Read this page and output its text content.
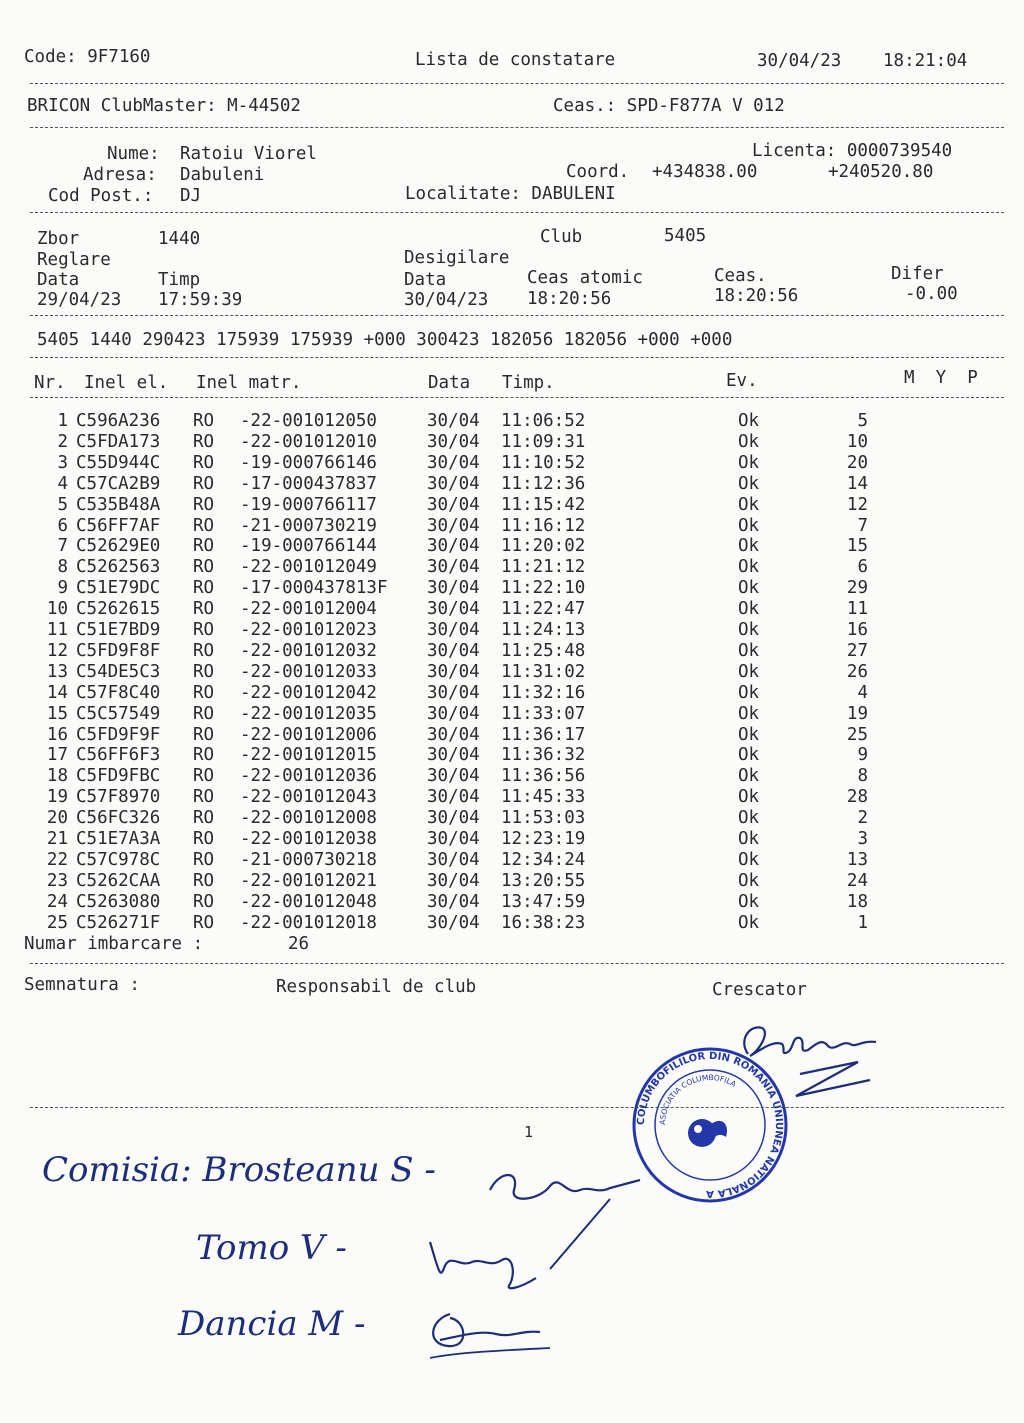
Code: 9F7160	Lista de constatare	30/04/23 18:21:04
BRICON ClubMaster: M-44502	Ceas.: SPD-F877A V 012
Nume: Ratoiu Viorel	Licenta: 0000739540
Adresa: Dabuleni	Coord. +434838.00	+240520.80
Cod Post.: DJ	Localitate: DABULENI
Zbor	1440	Club	5405
Reglare	Desigilare
Data	Timp	Data	Ceas atomic	Ceas.	Difer
29/04/23 17:59:39	30/04/23 18:20:56	18:20:56	-0.00
5405 1440 290423 175939 175939 +000 300423 182056 182056 +000 +000
Nr. Inel el. Inel matr.	Data Timp.	Ev.	M  Y  P
1 C596A236 RO -22-001012050	30/04 11:06:52	Ok	5
2 C5FDA173 RO -22-001012010	30/04 11:09:31	Ok	10
3 C55D944C RO -19-000766146	30/04 11:10:52	Ok	20
4 C57CA2B9 RO -17-000437837	30/04 11:12:36	Ok	14
5 C535B48A RO -19-000766117	30/04 11:15:42	Ok	12
6 C56FF7AF RO -21-000730219	30/04 11:16:12	Ok	7
7 C52629E0 RO -19-000766144	30/04 11:20:02	Ok	15
8 C5262563 RO -22-001012049	30/04 11:21:12	Ok	6
9 C51E79DC RO -17-000437813F 30/04 11:22:10	Ok	29
10 C5262615 RO -22-001012004	30/04 11:22:47	Ok	11
11 C51E7BD9 RO -22-001012023	30/04 11:24:13	Ok	16
12 C5FD9F8F RO -22-001012032	30/04 11:25:48	Ok	27
13 C54DE5C3 RO -22-001012033	30/04 11:31:02	Ok	26
14 C57F8C40 RO -22-001012042	30/04 11:32:16	Ok	4
15 C5C57549 RO -22-001012035	30/04 11:33:07	Ok	19
16 C5FD9F9F RO -22-001012006	30/04 11:36:17	Ok	25
17 C56FF6F3 RO -22-001012015	30/04 11:36:32	Ok	9
18 C5FD9FBC RO -22-001012036	30/04 11:36:56	Ok	8
19 C57F8970 RO -22-001012043	30/04 11:45:33	Ok	28
20 C56FC326 RO -22-001012008	30/04 11:53:03	Ok	2
21 C51E7A3A RO -22-001012038	30/04 12:23:19	Ok	3
22 C57C978C RO -21-000730218	30/04 12:34:24	Ok	13
23 C5262CAA RO -22-001012021	30/04 13:20:55	Ok	24
24 C5263080 RO -22-001012048	30/04 13:47:59	Ok	18
25 C526271F RO -22-001012018	30/04 16:38:23	Ok	1
Numar imbarcare :	26
Semnatura :	Responsabil de club	Crescator
1
COLUMBOFILILOR DIN ROMÂNIA UNIUNEA NATIONALA A
ASOCIATIA COLUMBOFILA
Comisia: Brosteanu S -
Tomo V -
Dancia M -
